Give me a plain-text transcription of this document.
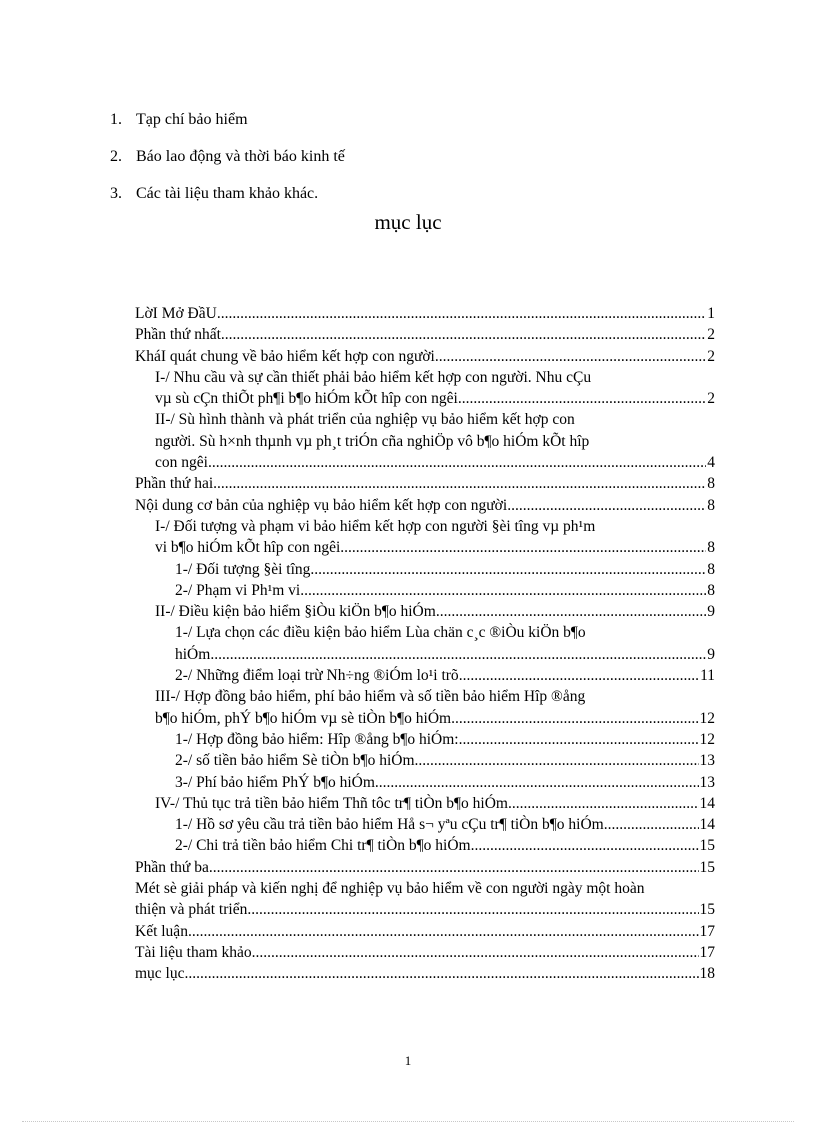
1. Tạp chí bảo hiểm
2. Báo lao động và thời báo kinh tế
3. Các tài liệu tham khảo khác.
mục lục
LờI Mở ĐầU .....	1
Phần thứ nhất .....	2
KháI quát chung về bảo hiểm kết hợp con người .....	2
I-/ Nhu cầu và sự cần thiết phải bảo hiểm kết hợp con người. Nhu cÇu
vµ sù cÇn thiÕt ph¶i b¶o hiÓm kÕt hîp con ngêi. .....	2
II-/ Sù hình thành và phát triển của nghiệp vụ bảo hiểm kết hợp con
người. Sù h×nh thµnh vµ ph¸t triÓn cña nghiÖp vô b¶o hiÓm kÕt hîp
con ngêi. .....	4
Phần thứ hai .....	8
Nội dung cơ bản của nghiệp vụ bảo hiểm kết hợp con người .....	8
I-/ Đối tượng và phạm vi bảo hiểm kết hợp con người §èi tîng vµ ph¹m
vi b¶o hiÓm kÕt hîp con ngêi .....	8
1-/ Đối tượng §èi tîng .....	8
2-/ Phạm vi Ph¹m vi .....	8
II-/ Điều kiện bảo hiểm §iÒu kiÖn b¶o hiÓm .....	9
1-/ Lựa chọn các điều kiện bảo hiểm Lùa chän c¸c ®iÒu kiÖn b¶o
hiÓm .....	9
2-/ Những điểm loại trừ Nh÷ng ®iÓm lo¹i trõ .....	11
III-/ Hợp đồng bảo hiểm, phí bảo hiểm và số tiền bảo hiểm Hîp ®ång
b¶o hiÓm, phÝ b¶o hiÓm vµ sè tiÒn b¶o hiÓm .....	12
1-/ Hợp đồng bảo hiểm: Hîp ®ång b¶o hiÓm: .....	12
2-/ số tiền bảo hiểm Sè tiÒn b¶o hiÓm .....	13
3-/ Phí bảo hiểm PhÝ b¶o hiÓm .....	13
IV-/ Thủ tục trả tiền bảo hiểm Thñ tôc tr¶ tiÒn b¶o hiÓm .....	14
1-/ Hồ sơ yêu cầu trả tiền bảo hiểm Hå s¬ yªu cÇu tr¶ tiÒn b¶o hiÓm .....	14
2-/ Chi trả tiền bảo hiểm Chi tr¶ tiÒn b¶o hiÓm .....	15
Phần thứ ba .....	15
Mét sè giải pháp và kiến nghị để nghiệp vụ bảo hiểm về con người ngày một hoàn
thiện và phát triển .....	15
Kết luận .....	17
Tài liệu tham khảo .....	17
mục lục .....	18
1
